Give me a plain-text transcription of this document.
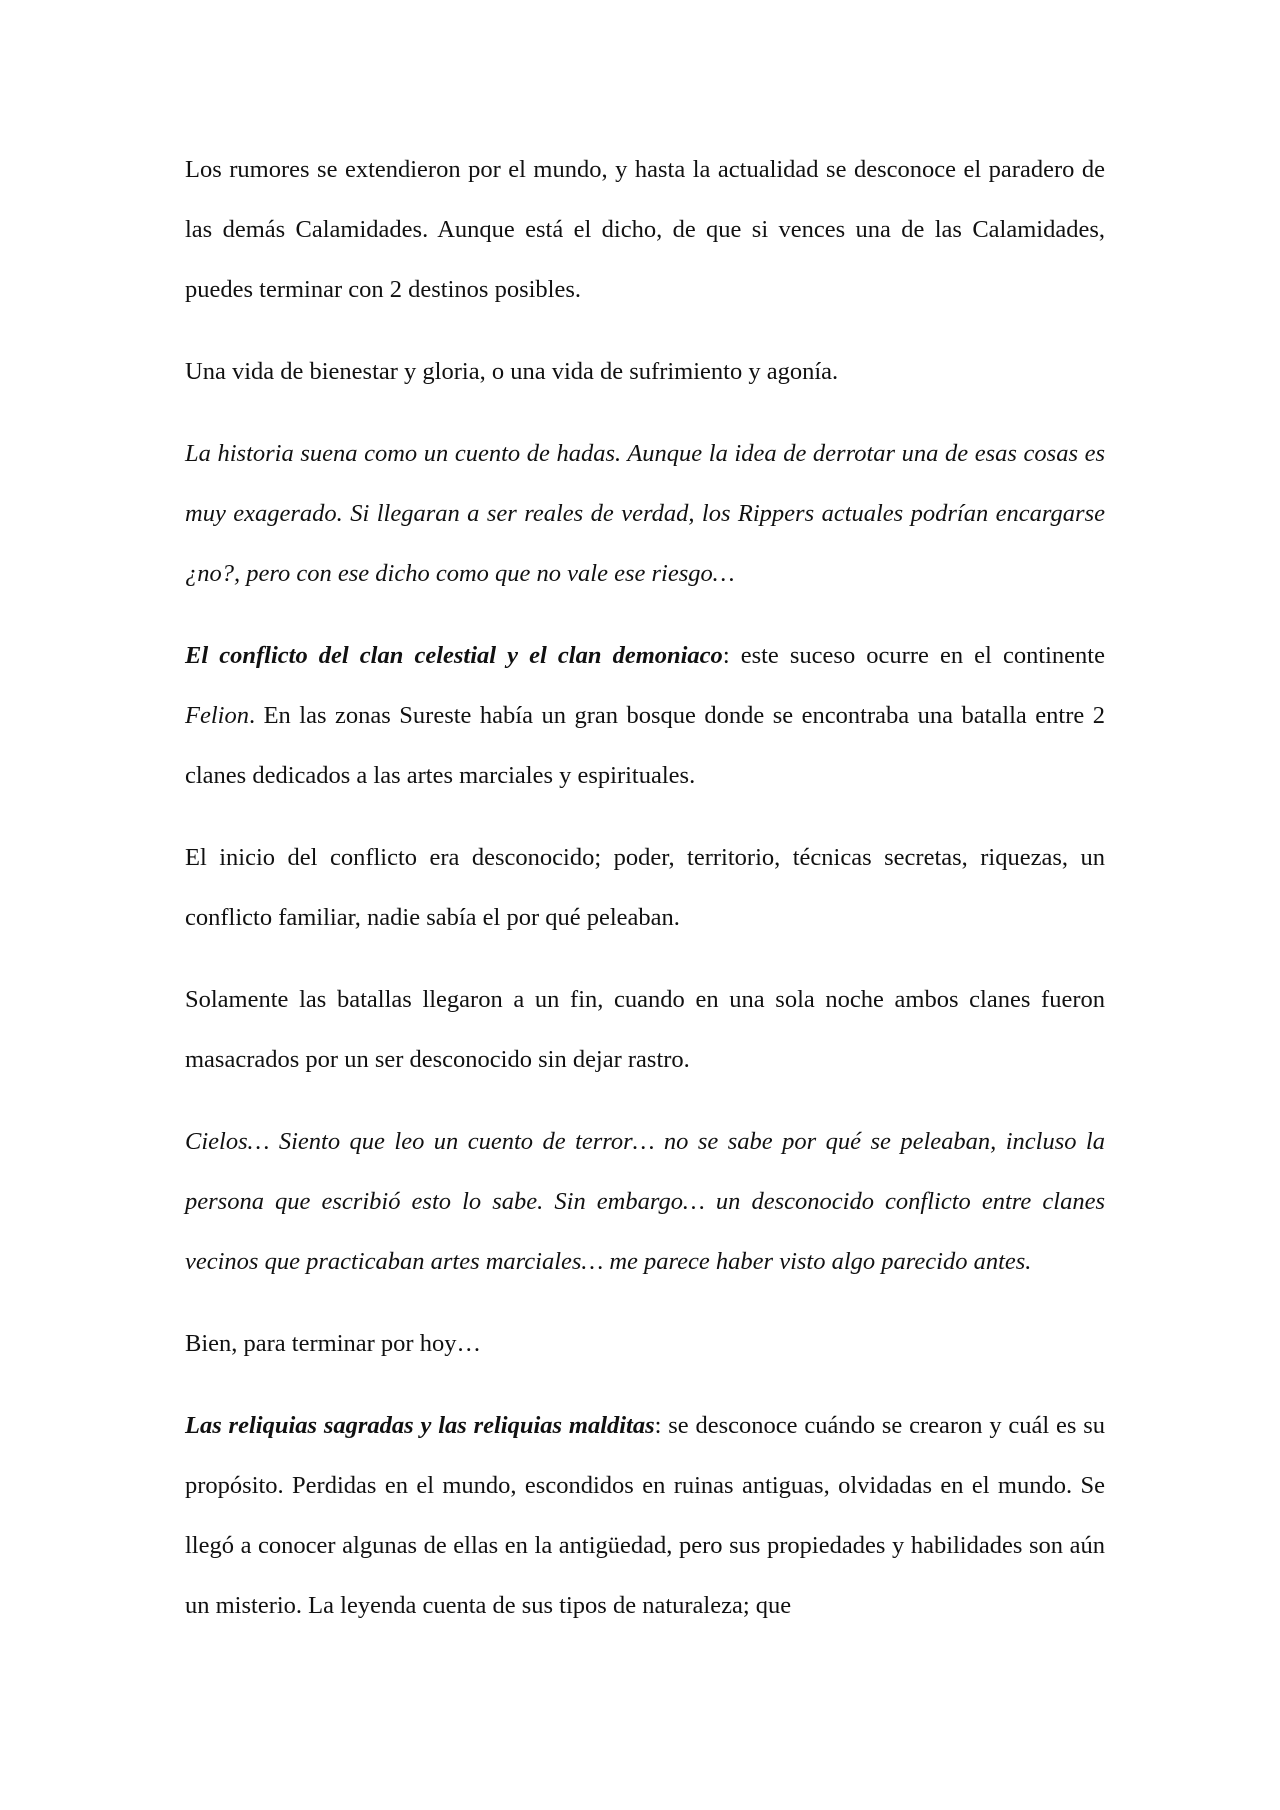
Los rumores se extendieron por el mundo, y hasta la actualidad se desconoce el paradero de las demás Calamidades. Aunque está el dicho, de que si vences una de las Calamidades, puedes terminar con 2 destinos posibles.

Una vida de bienestar y gloria, o una vida de sufrimiento y agonía.

La historia suena como un cuento de hadas. Aunque la idea de derrotar una de esas cosas es muy exagerado. Si llegaran a ser reales de verdad, los Rippers actuales podrían encargarse ¿no?, pero con ese dicho como que no vale ese riesgo…

El conflicto del clan celestial y el clan demoniaco: este suceso ocurre en el continente Felion. En las zonas Sureste había un gran bosque donde se encontraba una batalla entre 2 clanes dedicados a las artes marciales y espirituales.

El inicio del conflicto era desconocido; poder, territorio, técnicas secretas, riquezas, un conflicto familiar, nadie sabía el por qué peleaban.

Solamente las batallas llegaron a un fin, cuando en una sola noche ambos clanes fueron masacrados por un ser desconocido sin dejar rastro.

Cielos… Siento que leo un cuento de terror… no se sabe por qué se peleaban, incluso la persona que escribió esto lo sabe. Sin embargo… un desconocido conflicto entre clanes vecinos que practicaban artes marciales… me parece haber visto algo parecido antes.

Bien, para terminar por hoy…

Las reliquias sagradas y las reliquias malditas: se desconoce cuándo se crearon y cuál es su propósito. Perdidas en el mundo, escondidos en ruinas antiguas, olvidadas en el mundo. Se llegó a conocer algunas de ellas en la antigüedad, pero sus propiedades y habilidades son aún un misterio. La leyenda cuenta de sus tipos de naturaleza; que
